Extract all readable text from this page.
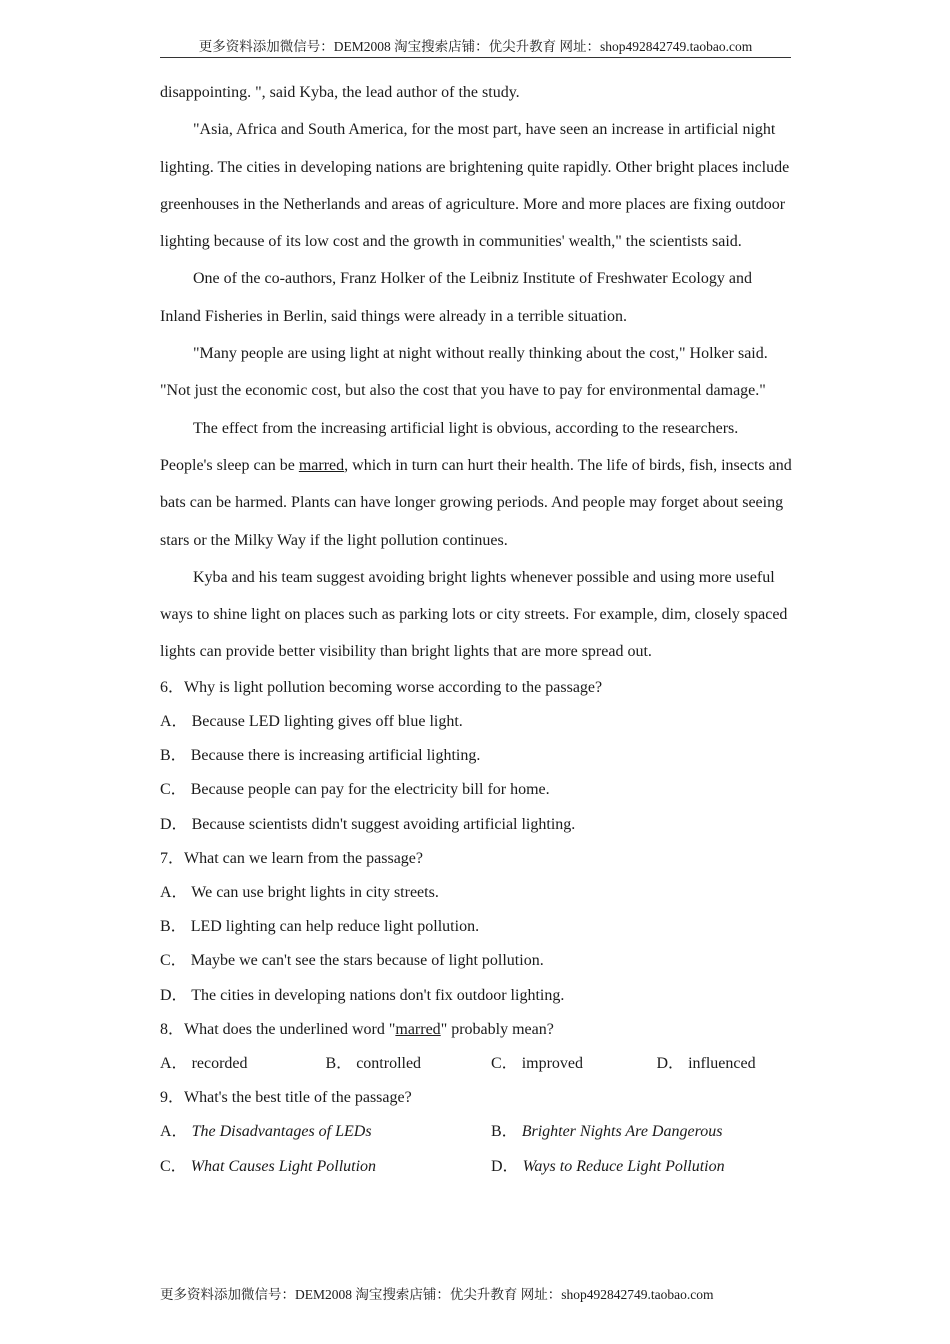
更多资料添加微信号：DEM2008 淘宝搜索店铺：优尖升教育 网址：shop492842749.taobao.com

disappointing. ", said Kyba, the lead author of the study.

"Asia, Africa and South America, for the most part, have seen an increase in artificial night lighting. The cities in developing nations are brightening quite rapidly. Other bright places include greenhouses in the Netherlands and areas of agriculture. More and more places are fixing outdoor lighting because of its low cost and the growth in communities' wealth," the scientists said.

One of the co-authors, Franz Holker of the Leibniz Institute of Freshwater Ecology and Inland Fisheries in Berlin, said things were already in a terrible situation.

"Many people are using light at night without really thinking about the cost," Holker said. "Not just the economic cost, but also the cost that you have to pay for environmental damage."

The effect from the increasing artificial light is obvious, according to the researchers. People's sleep can be marred, which in turn can hurt their health. The life of birds, fish, insects and bats can be harmed. Plants can have longer growing periods. And people may forget about seeing stars or the Milky Way if the light pollution continues.

Kyba and his team suggest avoiding bright lights whenever possible and using more useful ways to shine light on places such as parking lots or city streets. For example, dim, closely spaced lights can provide better visibility than bright lights that are more spread out.

6．Why is light pollution becoming worse according to the passage?
A． Because LED lighting gives off blue light.
B． Because there is increasing artificial lighting.
C． Because people can pay for the electricity bill for home.
D． Because scientists didn't suggest avoiding artificial lighting.
7．What can we learn from the passage?
A． We can use bright lights in city streets.
B． LED lighting can help reduce light pollution.
C． Maybe we can't see the stars because of light pollution.
D． The cities in developing nations don't fix outdoor lighting.
8．What does the underlined word "marred" probably mean?
A． recorded	B． controlled	C． improved	D． influenced
9．What's the best title of the passage?
A． The Disadvantages of LEDs	B． Brighter Nights Are Dangerous
C． What Causes Light Pollution	D． Ways to Reduce Light Pollution
更多资料添加微信号：DEM2008 淘宝搜索店铺：优尖升教育 网址：shop492842749.taobao.com
